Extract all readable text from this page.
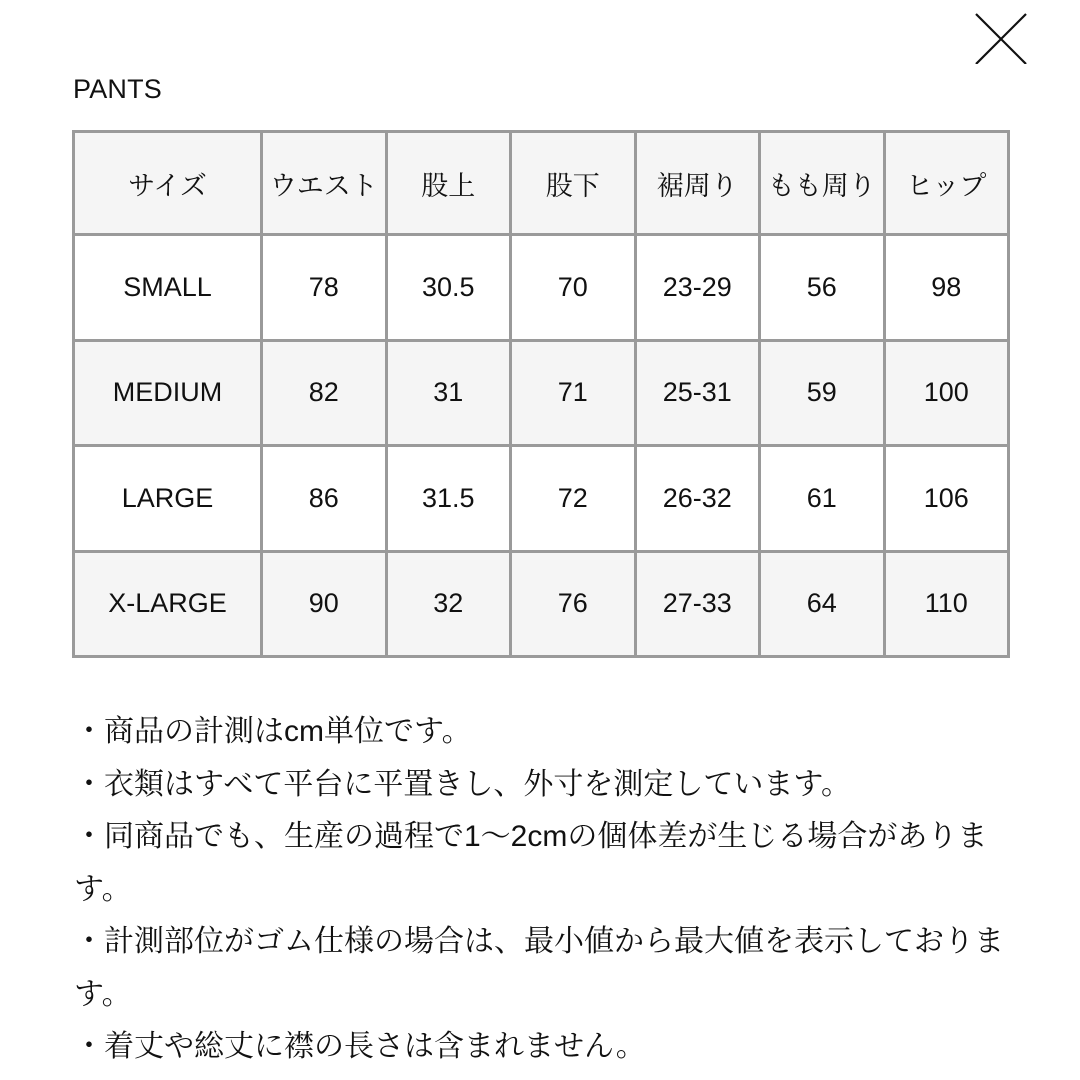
PANTS
サイズ	ウエスト	股上	股下	裾周り	もも周り	ヒップ
SMALL	78	30.5	70	23-29	56	98
MEDIUM	82	31	71	25-31	59	100
LARGE	86	31.5	72	26-32	61	106
X-LARGE	90	32	76	27-33	64	110
・商品の計測はcm単位です。
・衣類はすべて平台に平置きし、外寸を測定しています。
・同商品でも、生産の過程で1〜2cmの個体差が生じる場合があります。
・計測部位がゴム仕様の場合は、最小値から最大値を表示しております。
・着丈や総丈に襟の長さは含まれません。
